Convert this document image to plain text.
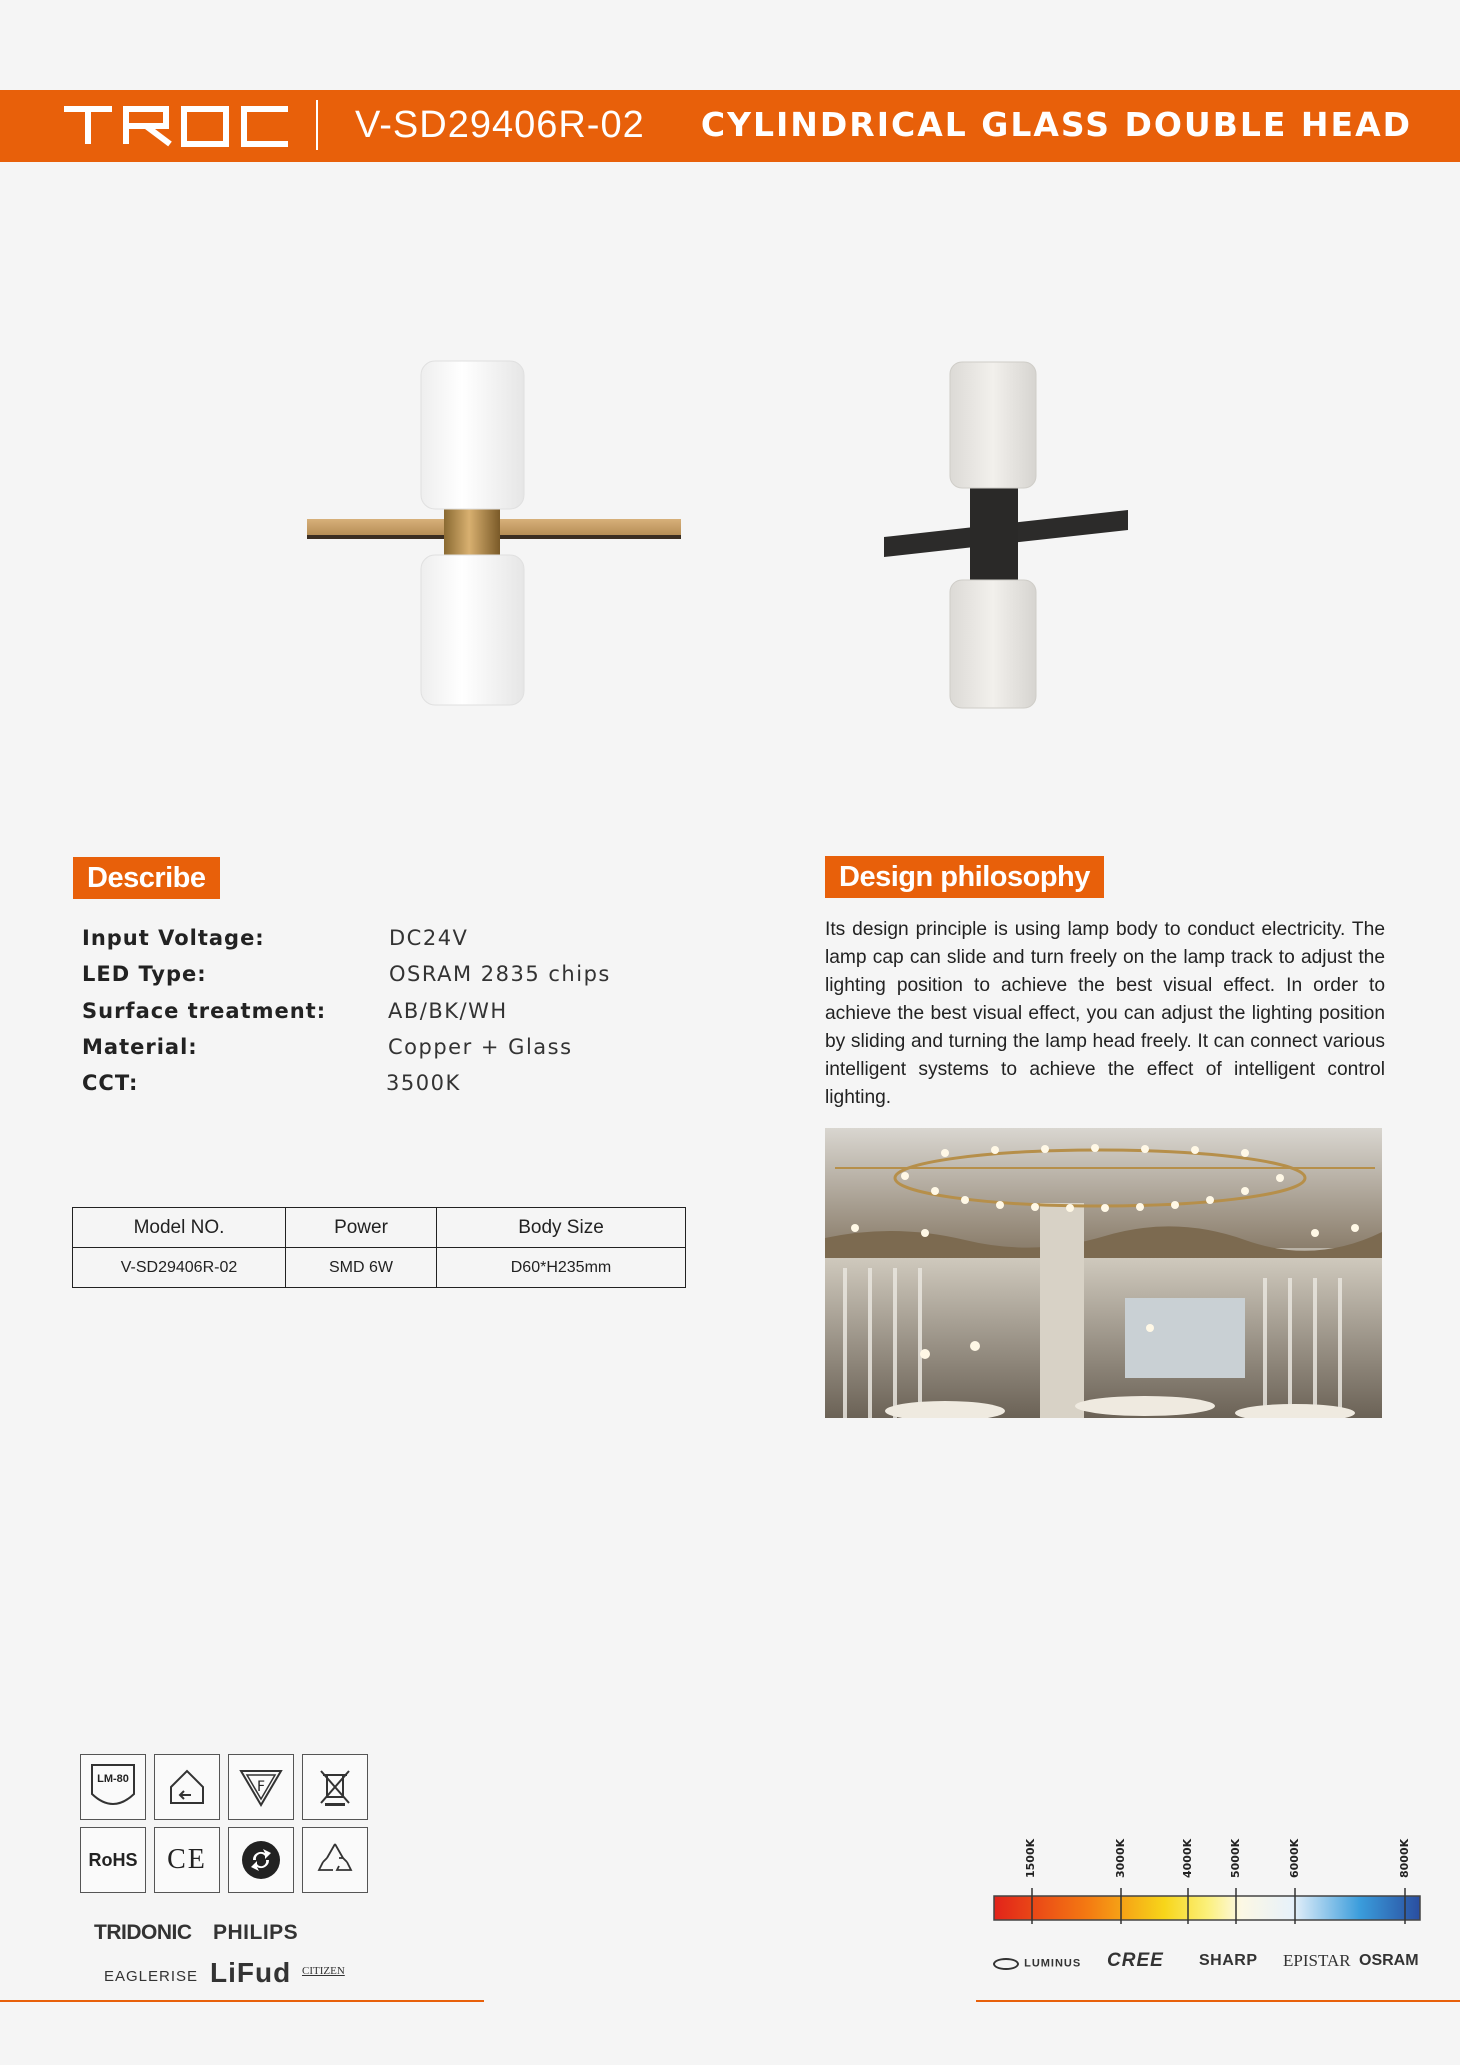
V-SD29406R-02 CYLINDRICAL GLASS DOUBLE HEAD
Describe
Input Voltage:	DC24V
LED Type:	OSRAM 2835 chips
Surface treatment:	AB/BK/WH
Material:	Copper + Glass
CCT:	3500K
Model NO.	Power	Body Size
V-SD29406R-02	SMD 6W	D60*H235mm
Design philosophy
Its design principle is using lamp body to conduct electricity. The lamp cap can slide and turn freely on the lamp track to adjust the lighting position to achieve the best visual effect. In order to achieve the best visual effect, you can adjust the lighting position by sliding and turning the lamp head freely. It can connect various intelligent systems to achieve the effect of intelligent control lighting.
LM-80	F
RoHS CE
TRIDONIC PHILIPS
EAGLERISE LiFud CITIZEN
1500K	3000K	4000K	5000K	6000K	8000K
LUMINUS CREE SHARP EPISTAR OSRAM
